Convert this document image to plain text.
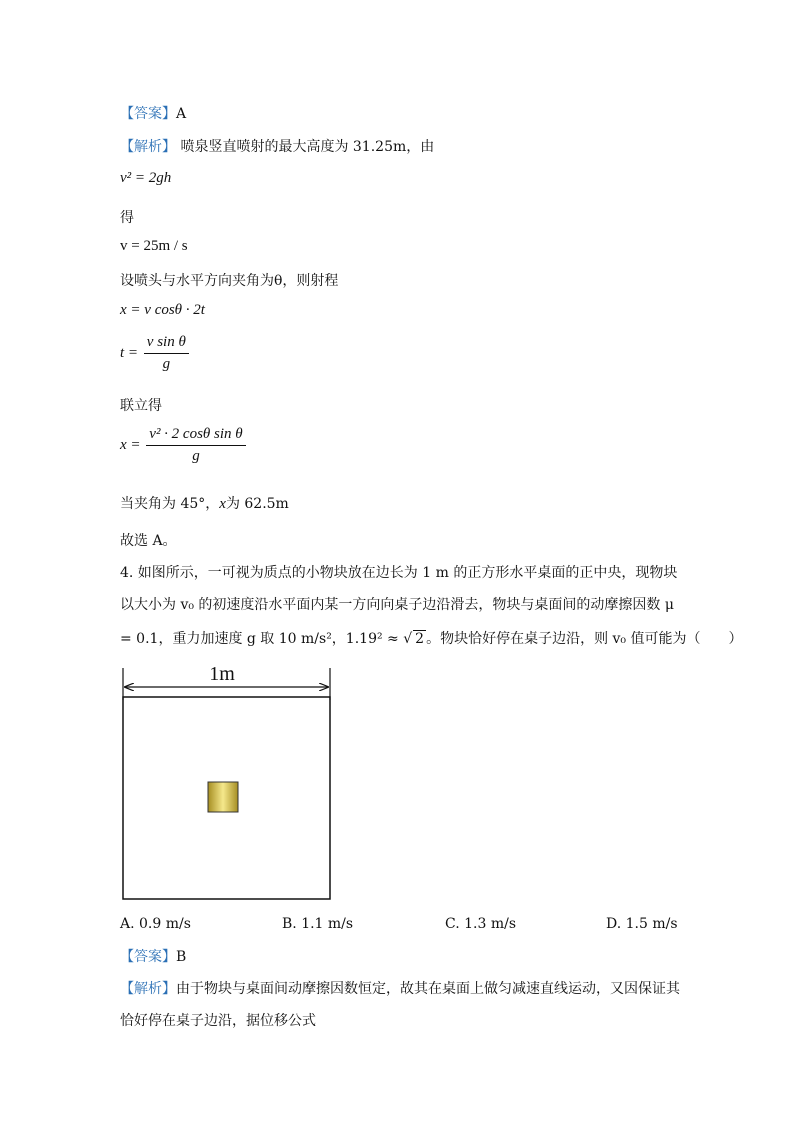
【答案】A
【解析】 喷泉竖直喷射的最大高度为 31.25m，由
v² = 2gh
得
v = 25m / s
设喷头与水平方向夹角为θ，则射程
x = v cosθ · 2t
$t = \frac{\text{v sin θ}}{g}$
联立得
$x = \frac{\text{v² · 2 cosθ sin θ}}{g}$
当夹角为 45°，x为 62.5m
故选 A。
4. 如图所示，一可视为质点的小物块放在边长为 1 m 的正方形水平桌面的正中央，现物块
以大小为 v₀ 的初速度沿水平面内某一方向向桌子边沿滑去，物块与桌面间的动摩擦因数 μ
= 0.1，重力加速度 g 取 10 m/s²，1.19² ≈ √ 2 。物块恰好停在桌子边沿，则 v₀ 值可能为（　　）
1m
A. 0.9 m/s	B. 1.1 m/s	C. 1.3 m/s	D. 1.5 m/s
【答案】B
【解析】由于物块与桌面间动摩擦因数恒定，故其在桌面上做匀减速直线运动，又因保证其
恰好停在桌子边沿，据位移公式
